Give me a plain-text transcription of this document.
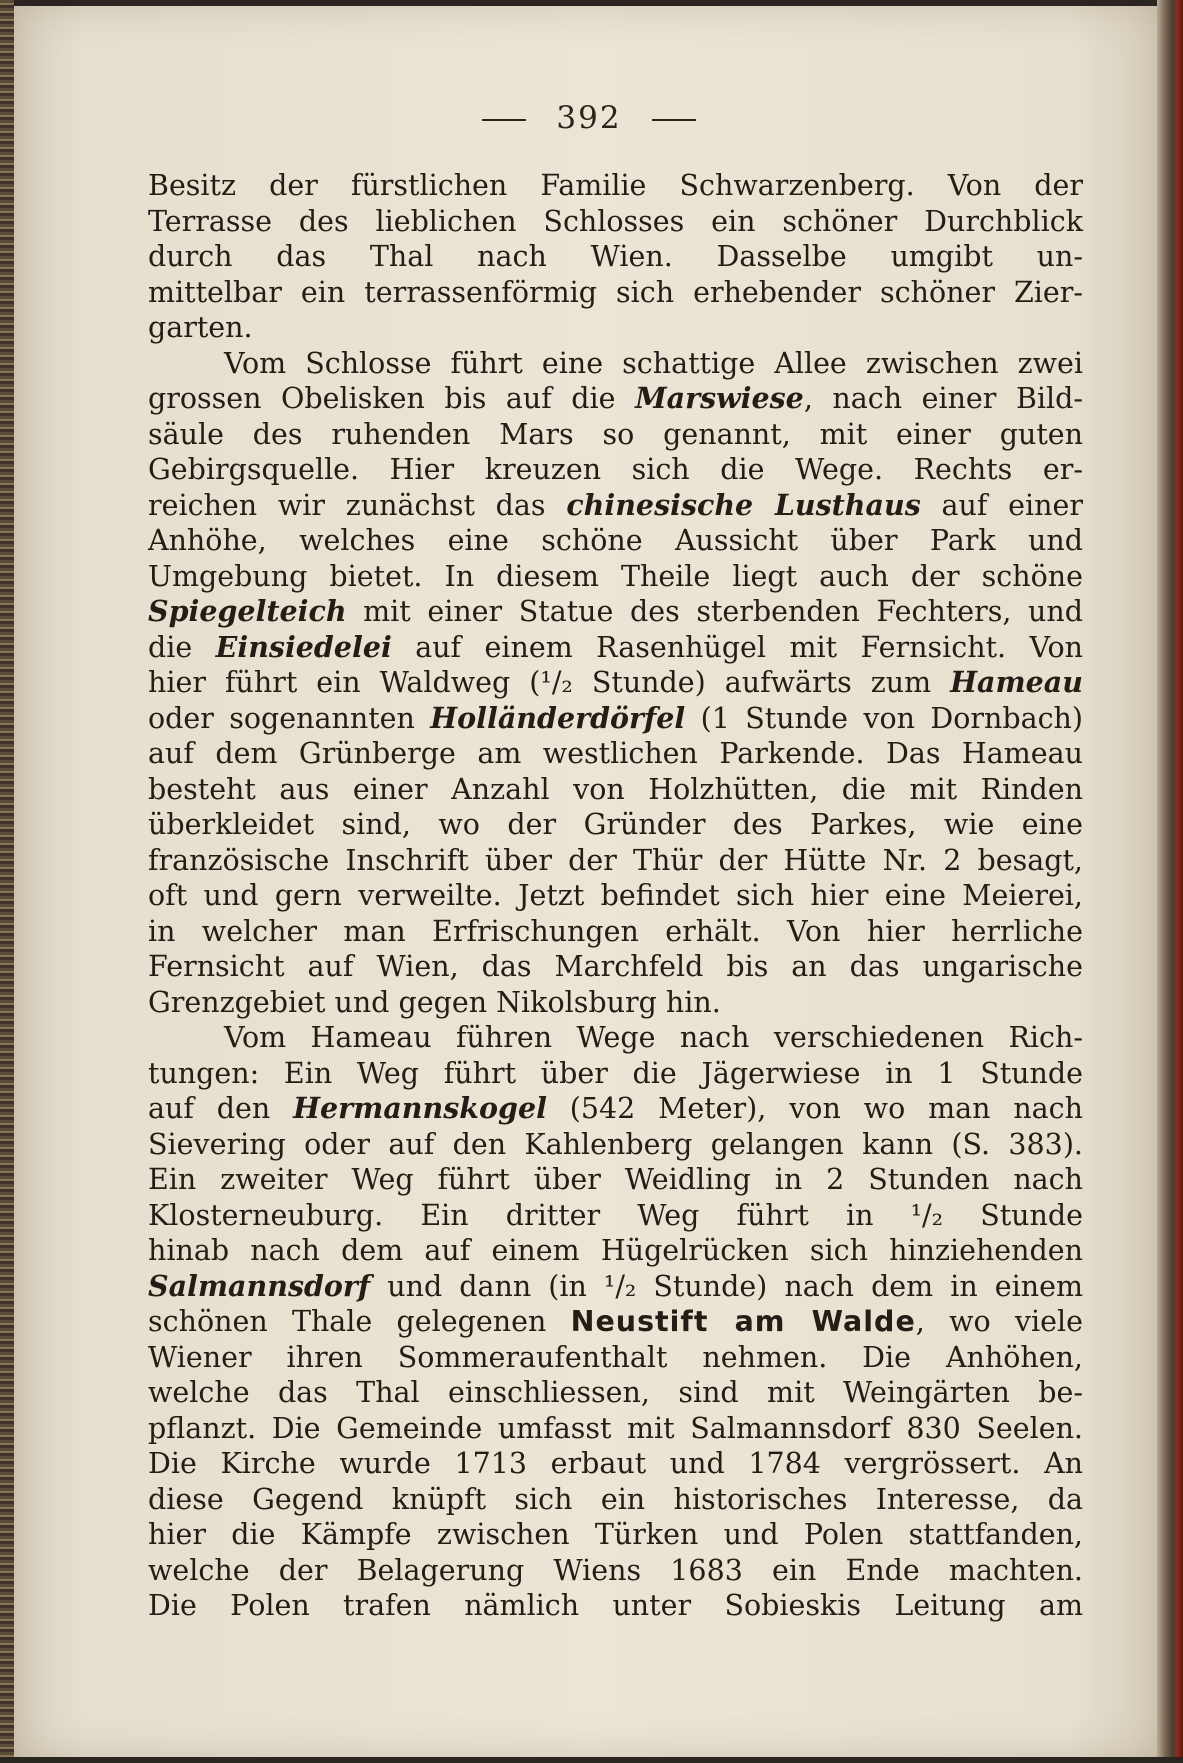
392
Besitz der fürstlichen Familie Schwarzenberg. Von der
Terrasse des lieblichen Schlosses ein schöner Durchblick
durch das Thal nach Wien. Dasselbe umgibt un-
mittelbar ein terrassenförmig sich erhebender schöner Zier-
garten.
Vom Schlosse führt eine schattige Allee zwischen zwei
grossen Obelisken bis auf die Marswiese, nach einer Bild-
säule des ruhenden Mars so genannt, mit einer guten
Gebirgsquelle. Hier kreuzen sich die Wege. Rechts er-
reichen wir zunächst das chinesische Lusthaus auf einer
Anhöhe, welches eine schöne Aussicht über Park und
Umgebung bietet. In diesem Theile liegt auch der schöne
Spiegelteich mit einer Statue des sterbenden Fechters, und
die Einsiedelei auf einem Rasenhügel mit Fernsicht. Von
hier führt ein Waldweg (¹/₂ Stunde) aufwärts zum Hameau
oder sogenannten Holländerdörfel (1 Stunde von Dornbach)
auf dem Grünberge am westlichen Parkende. Das Hameau
besteht aus einer Anzahl von Holzhütten, die mit Rinden
überkleidet sind, wo der Gründer des Parkes, wie eine
französische Inschrift über der Thür der Hütte Nr. 2 besagt,
oft und gern verweilte. Jetzt befindet sich hier eine Meierei,
in welcher man Erfrischungen erhält. Von hier herrliche
Fernsicht auf Wien, das Marchfeld bis an das ungarische
Grenzgebiet und gegen Nikolsburg hin.
Vom Hameau führen Wege nach verschiedenen Rich-
tungen: Ein Weg führt über die Jägerwiese in 1 Stunde
auf den Hermannskogel (542 Meter), von wo man nach
Sievering oder auf den Kahlenberg gelangen kann (S. 383).
Ein zweiter Weg führt über Weidling in 2 Stunden nach
Klosterneuburg. Ein dritter Weg führt in ¹/₂ Stunde
hinab nach dem auf einem Hügelrücken sich hinziehenden
Salmannsdorf und dann (in ¹/₂ Stunde) nach dem in einem
schönen Thale gelegenen Neustift am Walde, wo viele
Wiener ihren Sommeraufenthalt nehmen. Die Anhöhen,
welche das Thal einschliessen, sind mit Weingärten be-
pflanzt. Die Gemeinde umfasst mit Salmannsdorf 830 Seelen.
Die Kirche wurde 1713 erbaut und 1784 vergrössert. An
diese Gegend knüpft sich ein historisches Interesse, da
hier die Kämpfe zwischen Türken und Polen stattfanden,
welche der Belagerung Wiens 1683 ein Ende machten.
Die Polen trafen nämlich unter Sobieskis Leitung am
